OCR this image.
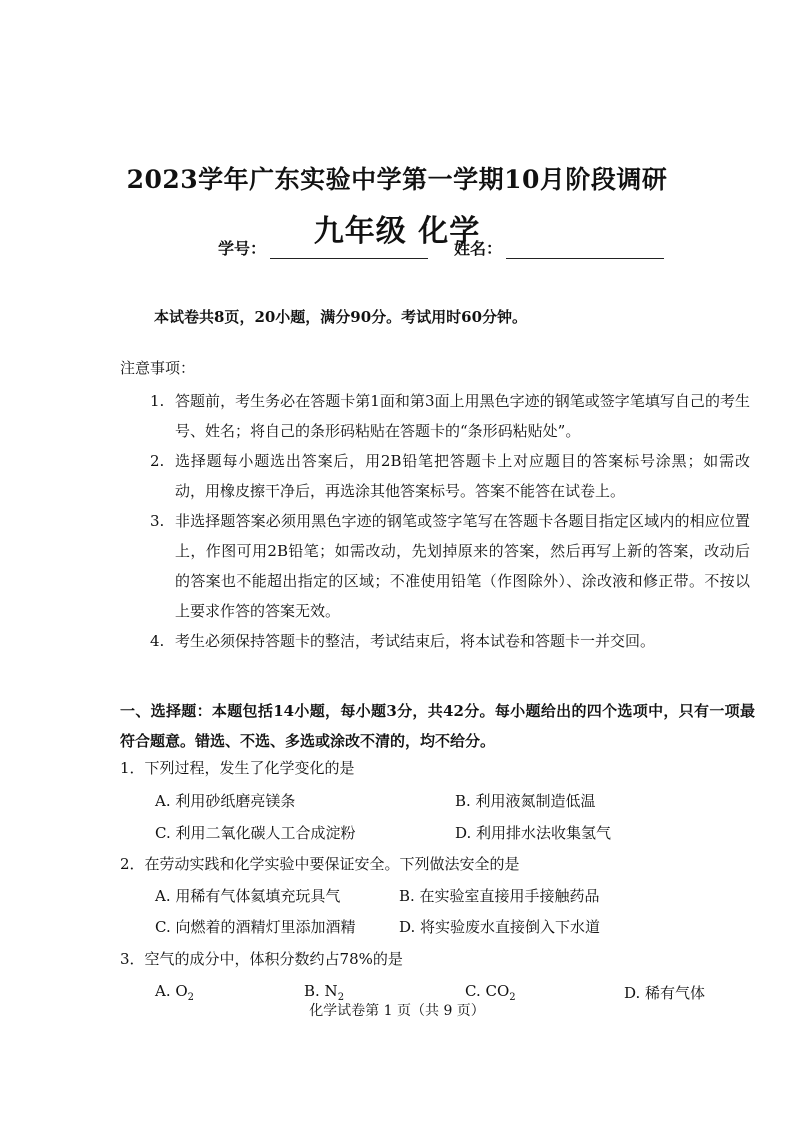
2023学年广东实验中学第一学期10月阶段调研
九年级 化学
学号：	姓名：
本试卷共8页，20小题，满分90分。考试用时60分钟。
注意事项：
1. 答题前，考生务必在答题卡第1面和第3面上用黑色字迹的钢笔或签字笔填写自己的考生号、姓名；将自己的条形码粘贴在答题卡的“条形码粘贴处”。
2. 选择题每小题选出答案后，用2B铅笔把答题卡上对应题目的答案标号涂黑；如需改动，用橡皮擦干净后，再选涂其他答案标号。答案不能答在试卷上。
3. 非选择题答案必须用黑色字迹的钢笔或签字笔写在答题卡各题目指定区域内的相应位置上，作图可用2B铅笔；如需改动，先划掉原来的答案，然后再写上新的答案，改动后的答案也不能超出指定的区域；不准使用铅笔（作图除外）、涂改液和修正带。不按以上要求作答的答案无效。
4. 考生必须保持答题卡的整洁，考试结束后，将本试卷和答题卡一并交回。
一、选择题：本题包括14小题，每小题3分，共42分。每小题给出的四个选项中，只有一项最符合题意。错选、不选、多选或涂改不清的，均不给分。
1．下列过程，发生了化学变化的是
A. 利用砂纸磨亮镁条	B. 利用液氮制造低温
C. 利用二氧化碳人工合成淀粉	D. 利用排水法收集氢气
2．在劳动实践和化学实验中要保证安全。下列做法安全的是
A. 用稀有气体氦填充玩具气	B. 在实验室直接用手接触药品
C. 向燃着的酒精灯里添加酒精	D. 将实验废水直接倒入下水道
3．空气的成分中，体积分数约占78%的是
A. $O_2$	B. $N_2$	C. $CO_2$	D. 稀有气体
化学试卷第 1 页（共 9 页）
